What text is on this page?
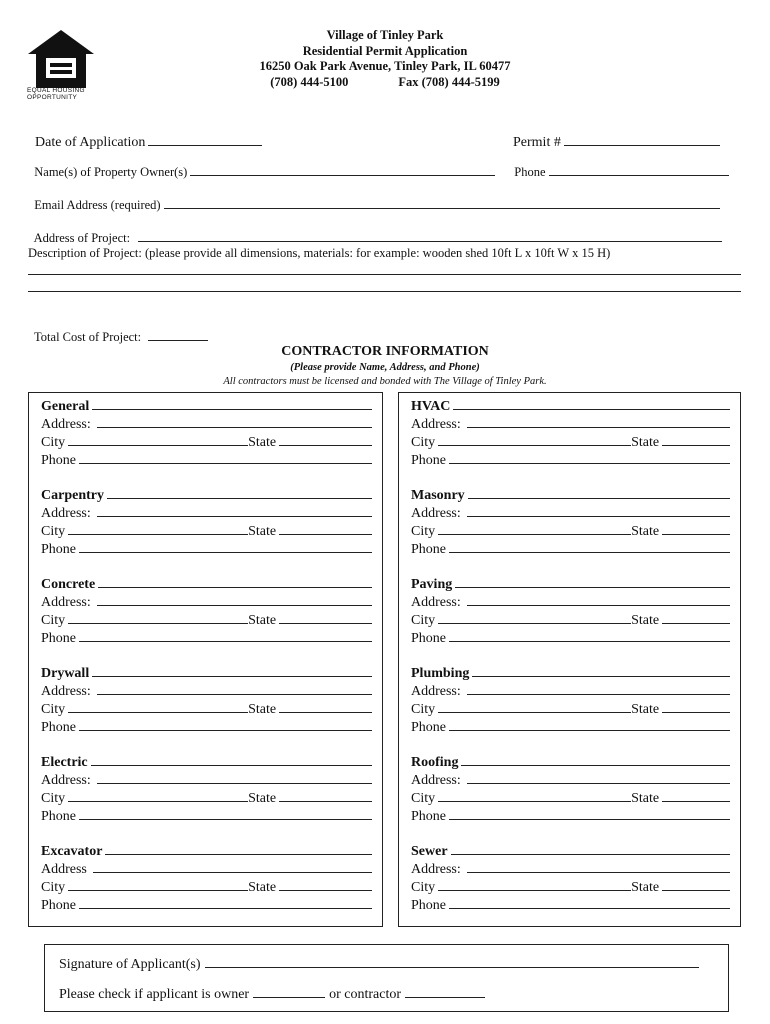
EQUAL HOUSING OPPORTUNITY
Village of Tinley Park
Residential Permit Application
16250 Oak Park Avenue, Tinley Park, IL 60477
(708) 444-5100	Fax (708) 444-5199

Date of Application	Permit #

Name(s) of Property Owner(s)	Phone

Email Address (required)

Address of Project:

Description of Project: (please provide all dimensions, materials: for example: wooden shed 10ft L x 10ft W x 15 H)

Total Cost of Project:

CONTRACTOR INFORMATION
(Please provide Name, Address, and Phone)
All contractors must be licensed and bonded with The Village of Tinley Park.
General
Address:
City	State
Phone
Carpentry
Address:
City	State
Phone
Concrete
Address:
City	State
Phone
Drywall
Address:
City	State
Phone
Electric
Address:
City	State
Phone
Excavator
Address
City	State
Phone
HVAC
Address:
City	State
Phone
Masonry
Address:
City	State
Phone
Paving
Address:
City	State
Phone
Plumbing
Address:
City	State
Phone
Roofing
Address:
City	State
Phone
Sewer
Address:
City	State
Phone
Signature of Applicant(s)
Please check if applicant is owner	or contractor
